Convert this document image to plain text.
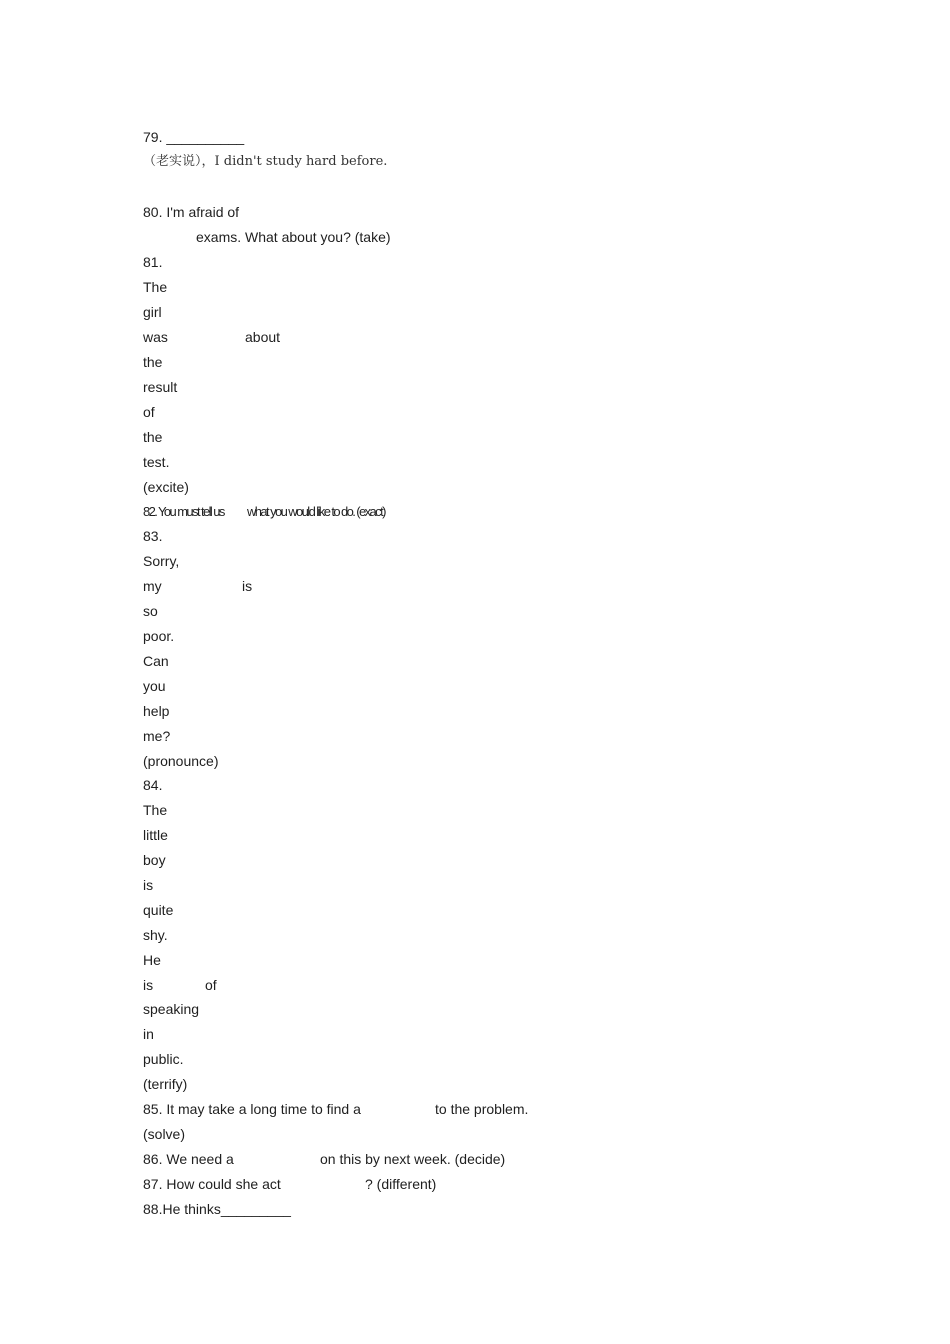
79. __________
（老实说），I didn't study hard before.
80. I'm afraid of
exams. What about you? (take)
81.
The
girl
was	about
the
result
of
the
test.
(excite)
82. You must tell us what you would like to do. (exact)
83.
Sorry,
my	is
so
poor.
Can
you
help
me?
(pronounce)
84.
The
little
boy
is
quite
shy.
He
is	of
speaking
in
public.
(terrify)
85. It may take a long time to find a	to the problem.
(solve)
86. We need a	on this by next week. (decide)
87. How could she act	? (different)
88.He thinks_________
